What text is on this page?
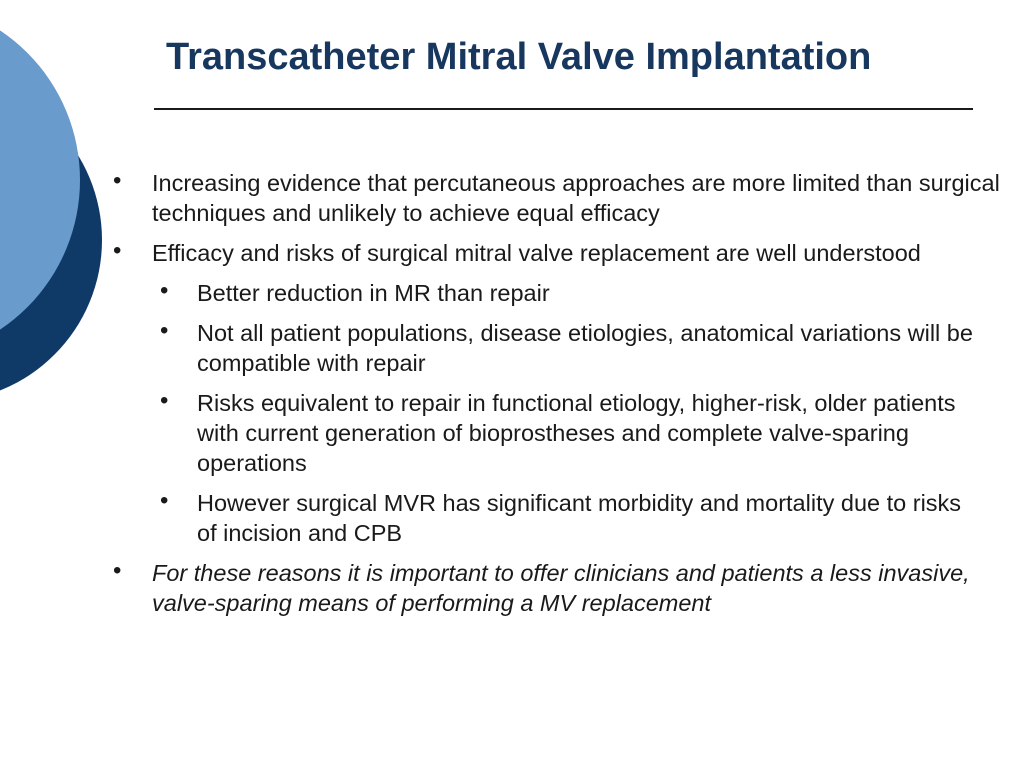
Transcatheter Mitral Valve Implantation
• Increasing evidence that percutaneous approaches are more limited than surgical techniques and unlikely to achieve equal efficacy
• Efficacy and risks of surgical mitral valve replacement are well understood
• Better reduction in MR than repair
• Not all patient populations, disease etiologies, anatomical variations will be compatible with repair
• Risks equivalent to repair in functional etiology, higher-risk, older patients with current generation of bioprostheses and complete valve-sparing operations
• However surgical MVR has significant morbidity and mortality due to risks of incision and CPB
• For these reasons it is important to offer clinicians and patients a less invasive, valve-sparing means of performing a MV replacement
